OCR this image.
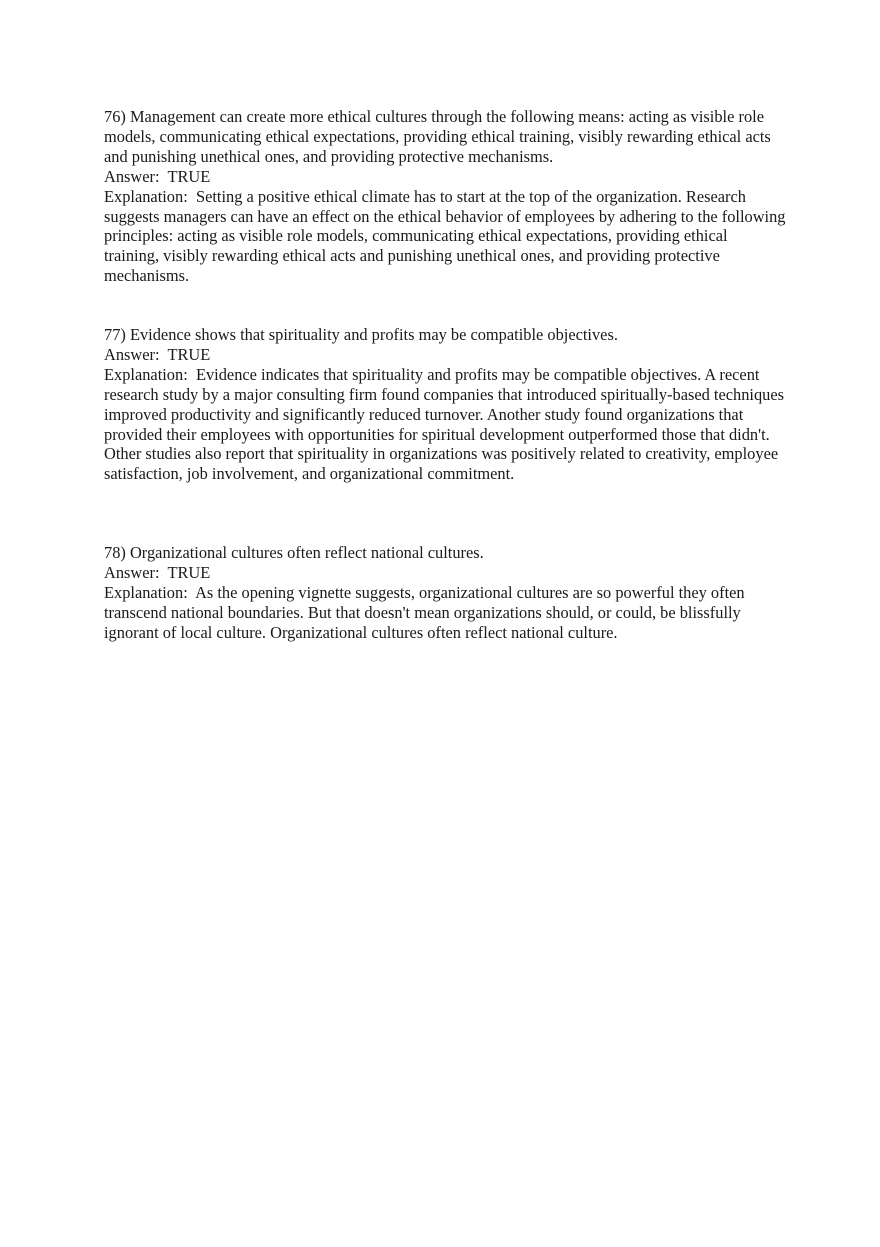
76) Management can create more ethical cultures through the following means: acting as visible role models, communicating ethical expectations, providing ethical training, visibly rewarding ethical acts and punishing unethical ones, and providing protective mechanisms.

Answer: TRUE

Explanation: Setting a positive ethical climate has to start at the top of the organization. Research suggests managers can have an effect on the ethical behavior of employees by adhering to the following principles: acting as visible role models, communicating ethical expectations, providing ethical training, visibly rewarding ethical acts and punishing unethical ones, and providing protective mechanisms.

77) Evidence shows that spirituality and profits may be compatible objectives.

Answer: TRUE

Explanation: Evidence indicates that spirituality and profits may be compatible objectives. A recent research study by a major consulting firm found companies that introduced spiritually-based techniques improved productivity and significantly reduced turnover. Another study found organizations that provided their employees with opportunities for spiritual development outperformed those that didn't. Other studies also report that spirituality in organizations was positively related to creativity, employee satisfaction, job involvement, and organizational commitment.

78) Organizational cultures often reflect national cultures.

Answer: TRUE

Explanation: As the opening vignette suggests, organizational cultures are so powerful they often transcend national boundaries. But that doesn't mean organizations should, or could, be blissfully ignorant of local culture. Organizational cultures often reflect national culture.
